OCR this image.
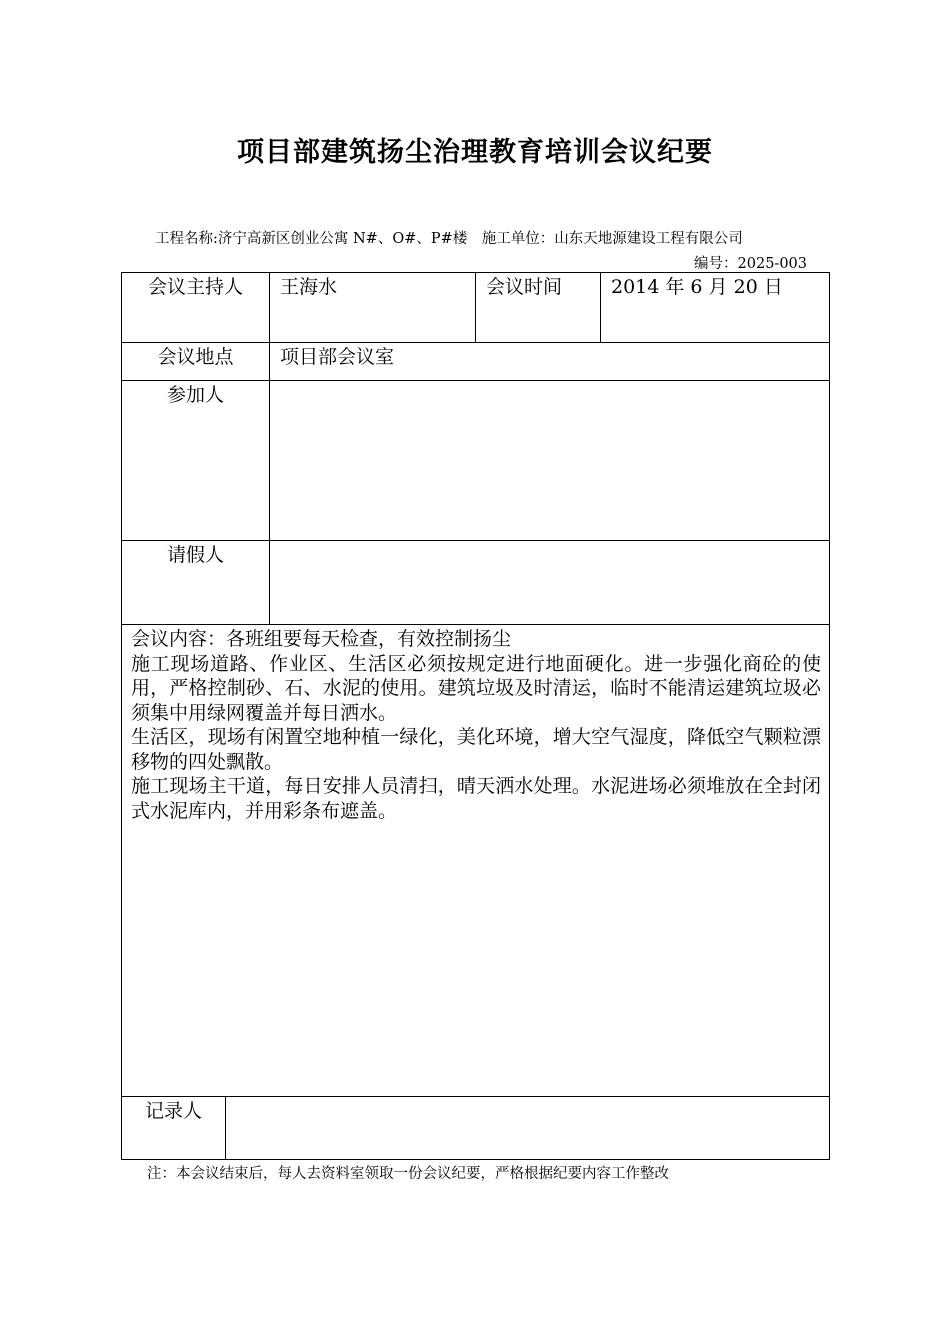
项目部建筑扬尘治理教育培训会议纪要
工程名称:济宁高新区创业公寓 N#、O#、P#楼　施工单位：山东天地源建设工程有限公司
编号：2025-003
会议主持人	王海水	会议时间	2014 年 6 月 20 日
会议地点	项目部会议室
参加人
请假人

会议内容：各班组要每天检查，有效控制扬尘

施工现场道路、作业区、生活区必须按规定进行地面硬化。进一步强化商砼的使用，严格控制砂、石、水泥的使用。建筑垃圾及时清运，临时不能清运建筑垃圾必须集中用绿网覆盖并每日洒水。

生活区，现场有闲置空地种植一绿化，美化环境，增大空气湿度，降低空气颗粒漂移物的四处飘散。

施工现场主干道，每日安排人员清扫，晴天洒水处理。水泥进场必须堆放在全封闭式水泥库内，并用彩条布遮盖。

记录人
注：本会议结束后，每人去资料室领取一份会议纪要，严格根据纪要内容工作整改
